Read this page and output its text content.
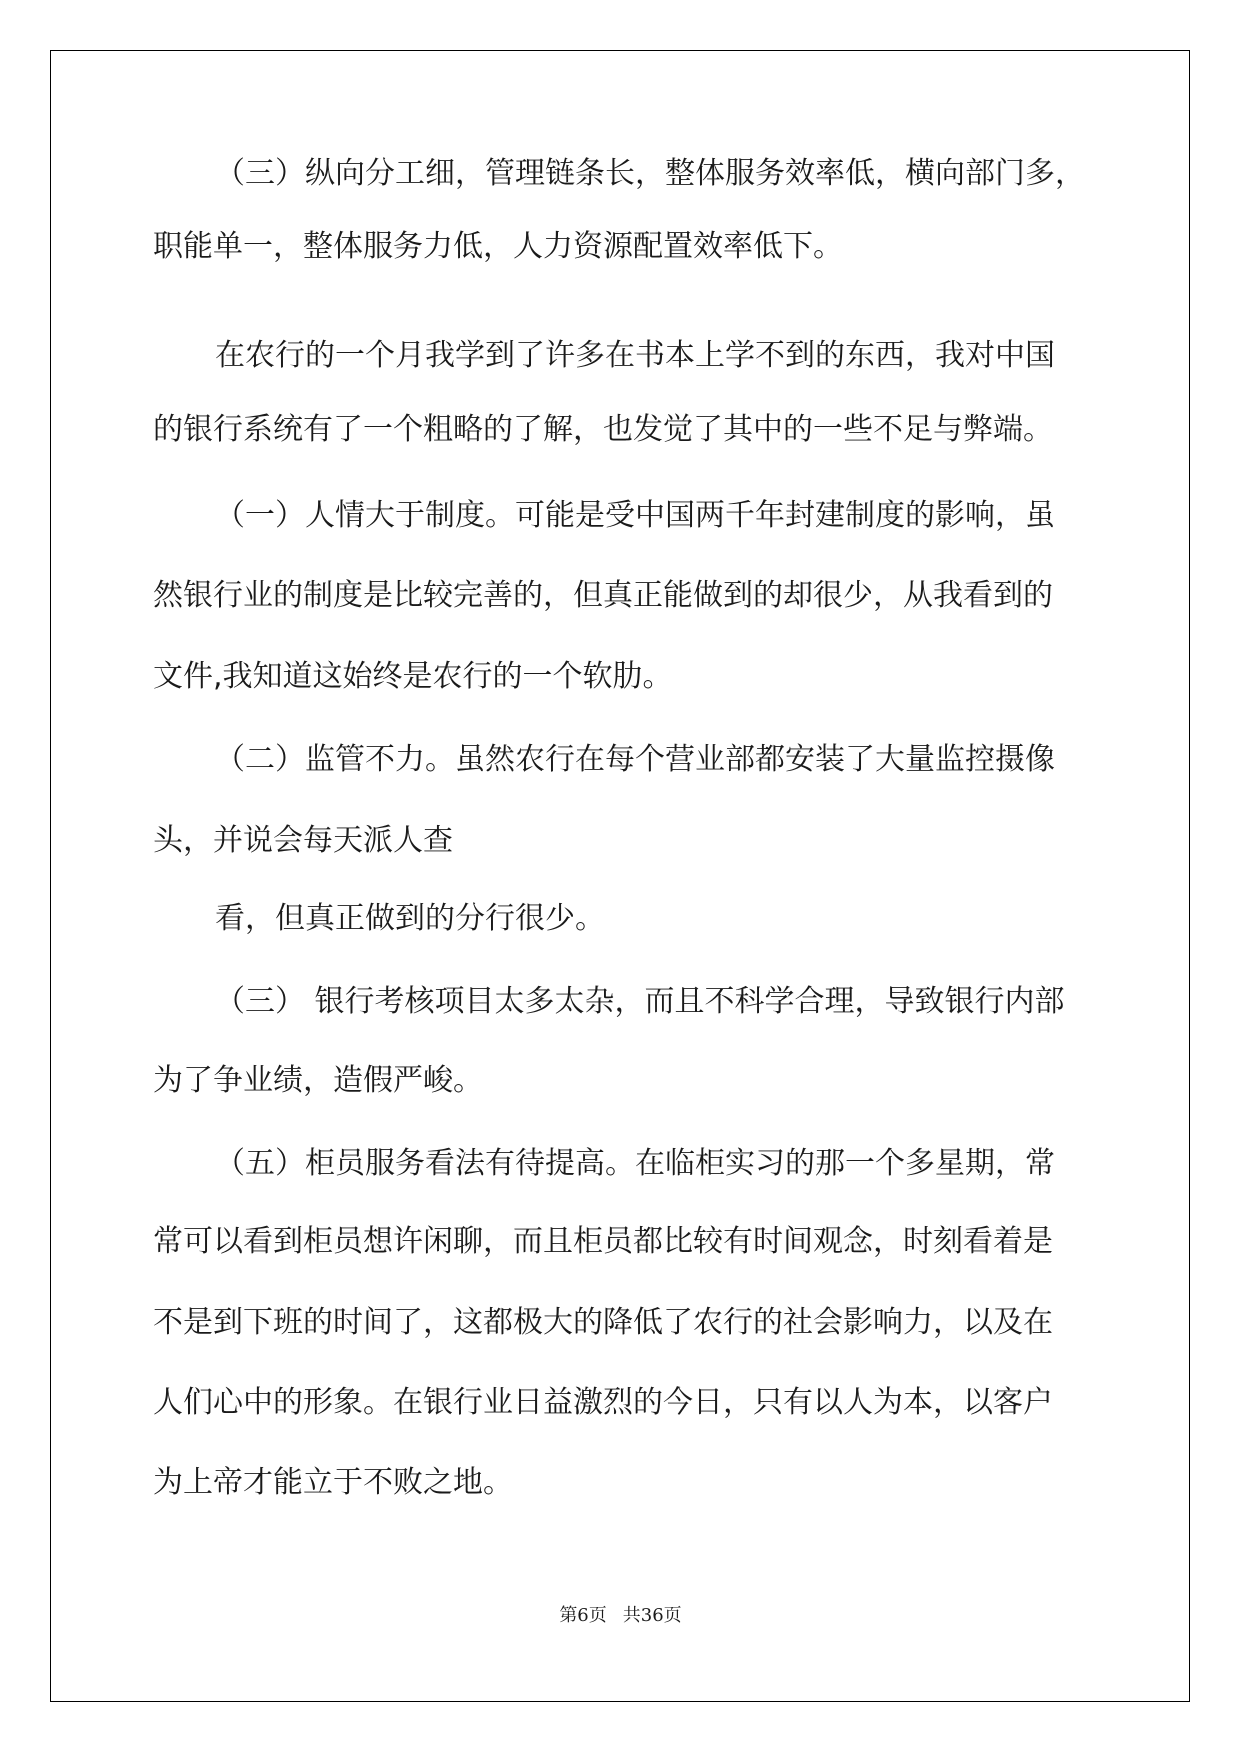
（三）纵向分工细，管理链条长，整体服务效率低，横向部门多，

职能单一，整体服务力低，人力资源配置效率低下。

在农行的一个月我学到了许多在书本上学不到的东西，我对中国

的银行系统有了一个粗略的了解，也发觉了其中的一些不足与弊端。

（一）人情大于制度。可能是受中国两千年封建制度的影响，虽

然银行业的制度是比较完善的，但真正能做到的却很少，从我看到的

文件,我知道这始终是农行的一个软肋。

（二）监管不力。虽然农行在每个营业部都安装了大量监控摄像

头，并说会每天派人查

看，但真正做到的分行很少。

（三） 银行考核项目太多太杂，而且不科学合理，导致银行内部

为了争业绩，造假严峻。

（五）柜员服务看法有待提高。在临柜实习的那一个多星期，常

常可以看到柜员想许闲聊，而且柜员都比较有时间观念，时刻看着是

不是到下班的时间了，这都极大的降低了农行的社会影响力，以及在

人们心中的形象。在银行业日益激烈的今日，只有以人为本，以客户

为上帝才能立于不败之地。

第6页 共36页
